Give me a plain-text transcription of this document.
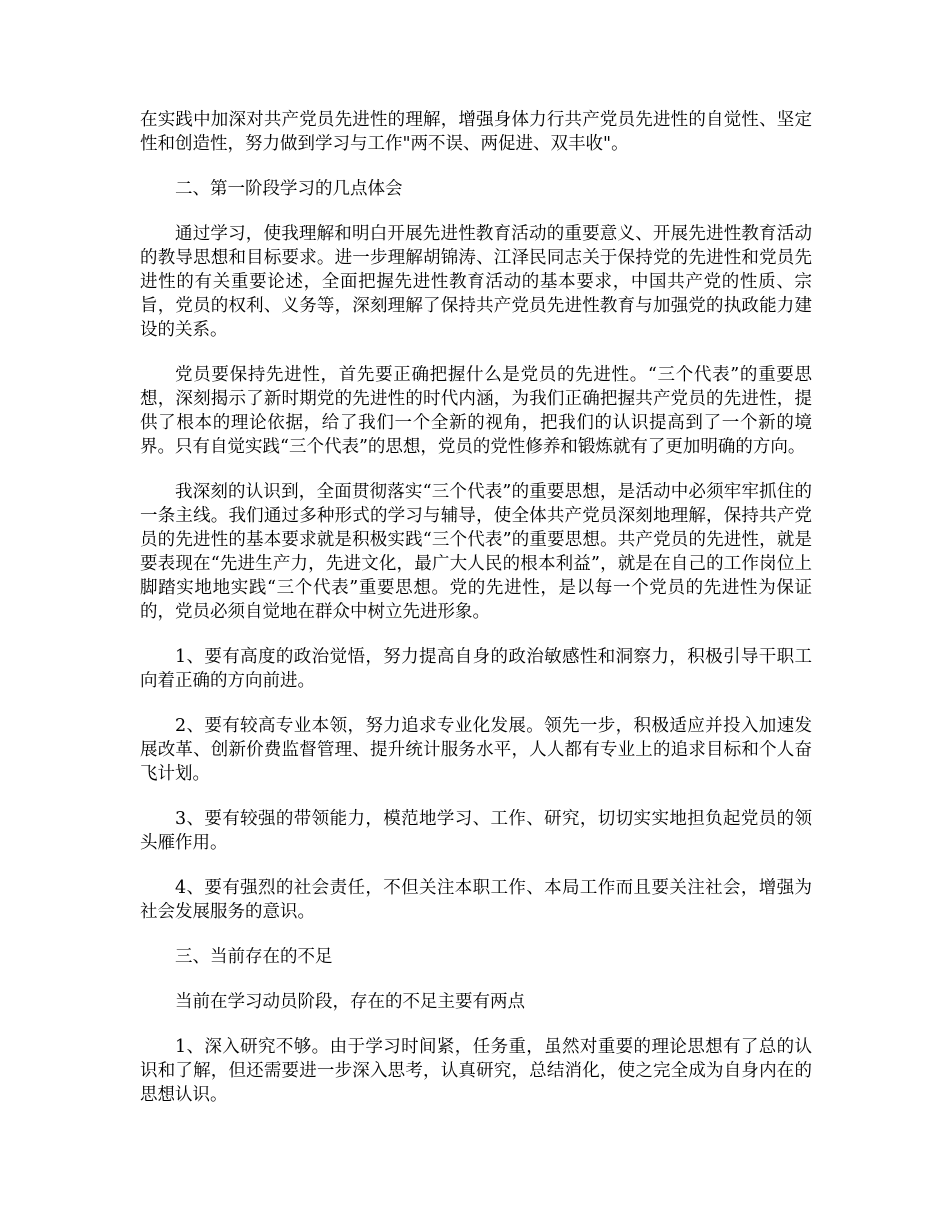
在实践中加深对共产党员先进性的理解，增强身体力行共产党员先进性的自觉性、坚定性和创造性，努力做到学习与工作"两不误、两促进、双丰收"。

二、第一阶段学习的几点体会

通过学习，使我理解和明白开展先进性教育活动的重要意义、开展先进性教育活动的教导思想和目标要求。进一步理解胡锦涛、江泽民同志关于保持党的先进性和党员先进性的有关重要论述，全面把握先进性教育活动的基本要求，中国共产党的性质、宗旨，党员的权利、义务等，深刻理解了保持共产党员先进性教育与加强党的执政能力建设的关系。

党员要保持先进性，首先要正确把握什么是党员的先进性。“三个代表”的重要思想，深刻揭示了新时期党的先进性的时代内涵，为我们正确把握共产党员的先进性，提供了根本的理论依据，给了我们一个全新的视角，把我们的认识提高到了一个新的境界。只有自觉实践“三个代表”的思想，党员的党性修养和锻炼就有了更加明确的方向。

我深刻的认识到，全面贯彻落实“三个代表”的重要思想，是活动中必须牢牢抓住的一条主线。我们通过多种形式的学习与辅导，使全体共产党员深刻地理解，保持共产党员的先进性的基本要求就是积极实践“三个代表”的重要思想。共产党员的先进性，就是要表现在“先进生产力，先进文化，最广大人民的根本利益”，就是在自己的工作岗位上脚踏实地地实践“三个代表”重要思想。党的先进性，是以每一个党员的先进性为保证的，党员必须自觉地在群众中树立先进形象。

1、要有高度的政治觉悟，努力提高自身的政治敏感性和洞察力，积极引导干职工向着正确的方向前进。

2、要有较高专业本领，努力追求专业化发展。领先一步，积极适应并投入加速发展改革、创新价费监督管理、提升统计服务水平，人人都有专业上的追求目标和个人奋飞计划。

3、要有较强的带领能力，模范地学习、工作、研究，切切实实地担负起党员的领头雁作用。

4、要有强烈的社会责任，不但关注本职工作、本局工作而且要关注社会，增强为社会发展服务的意识。

三、当前存在的不足

当前在学习动员阶段，存在的不足主要有两点

1、深入研究不够。由于学习时间紧，任务重，虽然对重要的理论思想有了总的认识和了解，但还需要进一步深入思考，认真研究，总结消化，使之完全成为自身内在的思想认识。
